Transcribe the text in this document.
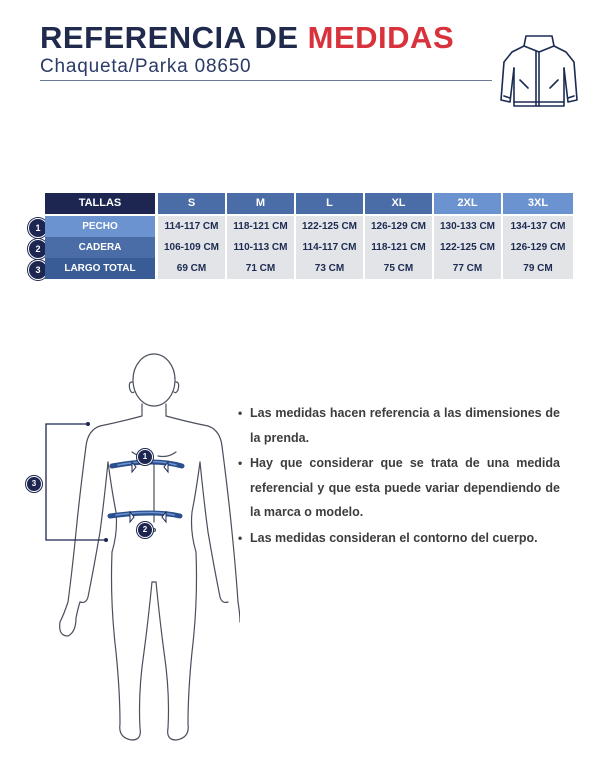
REFERENCIA DE MEDIDAS
Chaqueta/Parka 08650
TALLAS	S	M	L	XL	2XL	3XL
1	PECHO	114-117 CM	118-121 CM	122-125 CM	126-129 CM	130-133 CM	134-137 CM
2	CADERA	106-109 CM	110-113 CM	114-117 CM	118-121 CM	122-125 CM	126-129 CM
3	LARGO TOTAL	69 CM	71 CM	73 CM	75 CM	77 CM	79 CM
1
2
3
• Las medidas hacen referencia a las dimensiones de la prenda.
• Hay que considerar que se trata de una medida referencial y que esta puede variar dependiendo de la marca o modelo.
• Las medidas consideran el contorno del cuerpo.
